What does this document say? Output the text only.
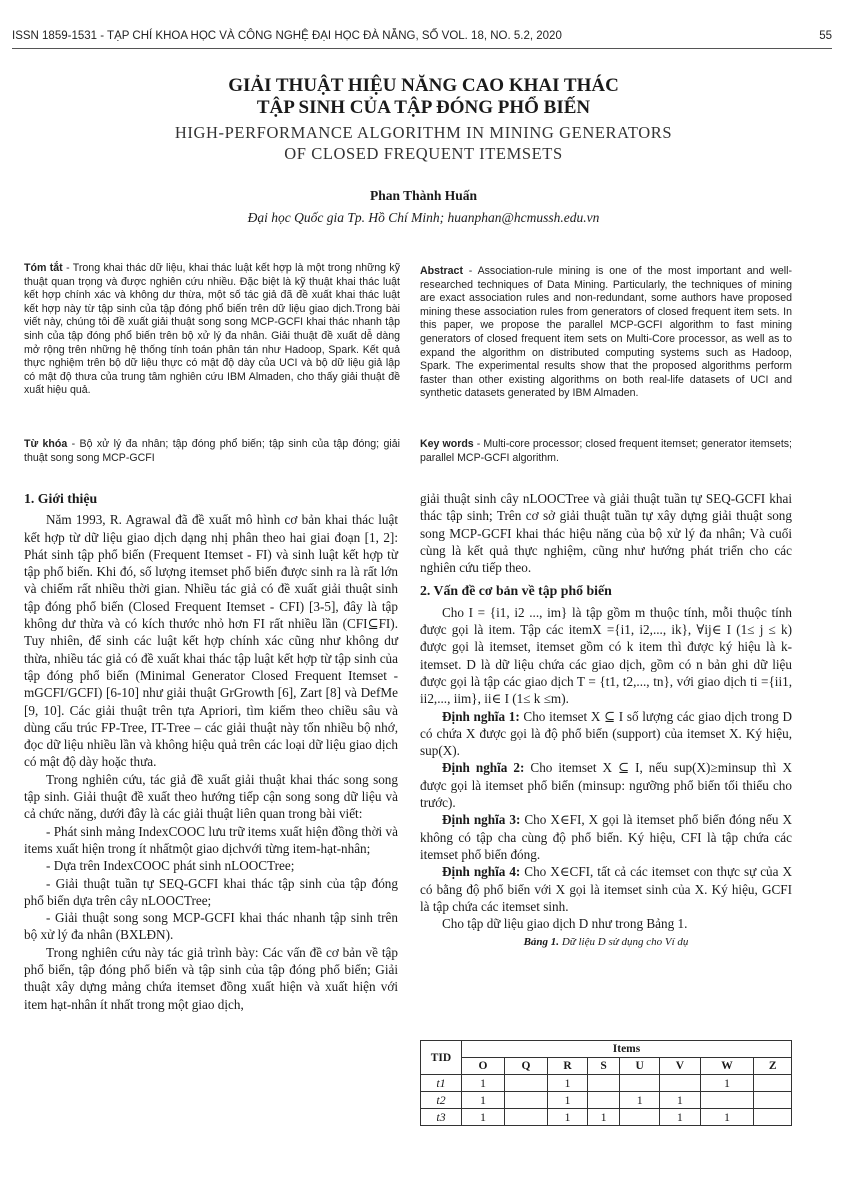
ISSN 1859-1531 - TẠP CHÍ KHOA HỌC VÀ CÔNG NGHỆ ĐẠI HỌC ĐÀ NẴNG, SỐ VOL. 18, NO. 5.2, 2020	55
GIẢI THUẬT HIỆU NĂNG CAO KHAI THÁC
TẬP SINH CỦA TẬP ĐÓNG PHỔ BIẾN
HIGH-PERFORMANCE ALGORITHM IN MINING GENERATORS
OF CLOSED FREQUENT ITEMSETS
Phan Thành Huấn
Đại học Quốc gia Tp. Hồ Chí Minh; huanphan@hcmussh.edu.vn
Tóm tắt - Trong khai thác dữ liệu, khai thác luật kết hợp là một trong những kỹ thuật quan trọng và được nghiên cứu nhiều. Đặc biệt là kỹ thuật khai thác luật kết hợp chính xác và không dư thừa, một số tác giả đã đề xuất khai thác luật kết hợp này từ tập sinh của tập đóng phổ biến trên dữ liệu giao dịch.Trong bài viết này, chúng tôi đề xuất giải thuật song song MCP-GCFI khai thác nhanh tập sinh của tập đóng phổ biến trên bộ xử lý đa nhân. Giải thuật đề xuất dễ dàng mở rộng trên những hệ thống tính toán phân tán như Hadoop, Spark. Kết quả thực nghiệm trên bộ dữ liệu thực có mật độ dày của UCI và bộ dữ liệu giả lập có mật độ thưa của trung tâm nghiên cứu IBM Almaden, cho thấy giải thuật đề xuất hiệu quả.
Từ khóa - Bộ xử lý đa nhân; tập đóng phổ biến; tập sinh của tập đóng; giải thuật song song MCP-GCFI
Abstract - Association-rule mining is one of the most important and well-researched techniques of Data Mining. Particularly, the techniques of mining are exact association rules and non-redundant, some authors have proposed mining these association rules from generators of closed frequent item sets. In this paper, we propose the parallel MCP-GCFI algorithm to fast mining generators of closed frequent item sets on Multi-Core processor, as well as to expand the algorithm on distributed computing systems such as Hadoop, Spark. The experimental results show that the proposed algorithms perform faster than other existing algorithms on both real-life datasets of UCI and synthetic datasets generated by IBM Almaden.
Key words - Multi-core processor; closed frequent itemset; generator itemsets; parallel MCP-GCFI algorithm.

1. Giới thiệu

Năm 1993, R. Agrawal đã đề xuất mô hình cơ bản khai thác luật kết hợp từ dữ liệu giao dịch dạng nhị phân theo hai giai đoạn [1, 2]: Phát sinh tập phổ biến (Frequent Itemset - FI) và sinh luật kết hợp từ tập phổ biến. Khi đó, số lượng itemset phổ biến được sinh ra là rất lớn và chiếm rất nhiều thời gian. Nhiều tác giả có đề xuất giải thuật sinh tập đóng phổ biến (Closed Frequent Itemset - CFI) [3-5], đây là tập không dư thừa và có kích thước nhỏ hơn FI rất nhiều lần (CFI⊆FI). Tuy nhiên, để sinh các luật kết hợp chính xác cũng như không dư thừa, nhiều tác giả có đề xuất khai thác tập luật kết hợp từ tập sinh của tập đóng phổ biến (Minimal Generator Closed Frequent Itemset - mGCFI/GCFI) [6-10] như giải thuật GrGrowth [6], Zart [8] và DefMe [9, 10]. Các giải thuật trên tựa Apriori, tìm kiếm theo chiều sâu và dùng cấu trúc FP-Tree, IT-Tree – các giải thuật này tốn nhiều bộ nhớ, đọc dữ liệu nhiều lần và không hiệu quả trên các loại dữ liệu giao dịch có mật độ dày hoặc thưa.

Trong nghiên cứu, tác giả đề xuất giải thuật khai thác song song tập sinh. Giải thuật đề xuất theo hướng tiếp cận song song dữ liệu và cả chức năng, dưới đây là các giải thuật liên quan trong bài viết:

- Phát sinh mảng IndexCOOC lưu trữ items xuất hiện đồng thời và items xuất hiện trong ít nhấtmột giao dịchvới từng item-hạt-nhân;

- Dựa trên IndexCOOC phát sinh nLOOCTree;

- Giải thuật tuần tự SEQ-GCFI khai thác tập sinh của tập đóng phổ biến dựa trên cây nLOOCTree;

- Giải thuật song song MCP-GCFI khai thác nhanh tập sinh trên bộ xử lý đa nhân (BXLĐN).

Trong nghiên cứu này tác giả trình bày: Các vấn đề cơ bản về tập phổ biến, tập đóng phổ biến và tập sinh của tập đóng phổ biến; Giải thuật xây dựng mảng chứa itemset đồng xuất hiện và xuất hiện với item hạt-nhân ít nhất trong một giao dịch,

giải thuật sinh cây nLOOCTree và giải thuật tuần tự SEQ-GCFI khai thác tập sinh; Trên cơ sở giải thuật tuần tự xây dựng giải thuật song song MCP-GCFI khai thác hiệu năng của bộ xử lý đa nhân; Và cuối cùng là kết quả thực nghiệm, cũng như hướng phát triển cho các nghiên cứu tiếp theo.

2. Vấn đề cơ bản về tập phổ biến

Cho I = {i1, i2 ..., im} là tập gồm m thuộc tính, mỗi thuộc tính được gọi là item. Tập các itemX ={i1, i2,..., ik}, ∀ij∈ I (1≤ j ≤ k) được gọi là itemset, itemset gồm có k item thì được ký hiệu là k-itemset. D là dữ liệu chứa các giao dịch, gồm có n bản ghi dữ liệu được gọi là tập các giao dịch T = {t1, t2,..., tn}, với giao dịch ti ={ii1, ii2,..., iim}, ii∈ I (1≤ k ≤m).

Định nghĩa 1: Cho itemset X ⊆ I số lượng các giao dịch trong D có chứa X được gọi là độ phổ biến (support) của itemset X. Ký hiệu, sup(X).

Định nghĩa 2: Cho itemset X ⊆ I, nếu sup(X)≥minsup thì X được gọi là itemset phổ biến (minsup: ngưỡng phổ biến tối thiểu cho trước).

Định nghĩa 3: Cho X∈FI, X gọi là itemset phổ biến đóng nếu X không có tập cha cùng độ phổ biến. Ký hiệu, CFI là tập chứa các itemset phổ biến đóng.

Định nghĩa 4: Cho X∈CFI, tất cả các itemset con thực sự của X có bằng độ phổ biến với X gọi là itemset sinh của X. Ký hiệu, GCFI là tập chứa các itemset sinh.

Cho tập dữ liệu giao dịch D như trong Bảng 1.

Bảng 1. Dữ liệu D sử dụng cho Ví dụ

TID	Items							
	O	Q	R	S	U	V	W	Z
t1	1		1				1	
t2	1		1		1	1		
t3	1		1	1		1	1	
